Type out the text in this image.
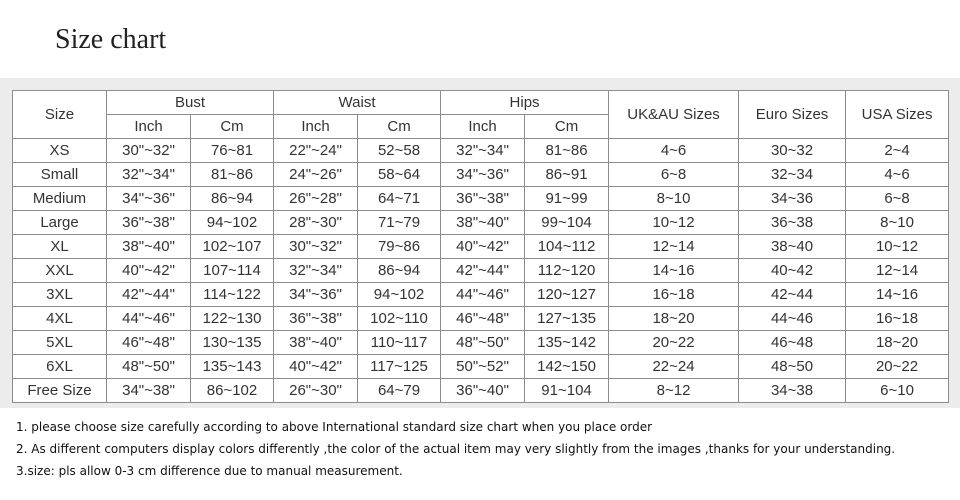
Size chart
Size	Bust		Waist		Hips		UK&AU Sizes	Euro Sizes	USA Sizes
	Inch	Cm	Inch	Cm	Inch	Cm			
XS	30"~32"	76~81	22"~24"	52~58	32"~34"	81~86	4~6	30~32	2~4
Small	32"~34"	81~86	24"~26"	58~64	34"~36"	86~91	6~8	32~34	4~6
Medium	34"~36"	86~94	26"~28"	64~71	36"~38"	91~99	8~10	34~36	6~8
Large	36"~38"	94~102	28"~30"	71~79	38"~40"	99~104	10~12	36~38	8~10
XL	38"~40"	102~107	30"~32"	79~86	40"~42"	104~112	12~14	38~40	10~12
XXL	40"~42"	107~114	32"~34"	86~94	42"~44"	112~120	14~16	40~42	12~14
3XL	42"~44"	114~122	34"~36"	94~102	44"~46"	120~127	16~18	42~44	14~16
4XL	44"~46"	122~130	36"~38"	102~110	46"~48"	127~135	18~20	44~46	16~18
5XL	46"~48"	130~135	38"~40"	110~117	48"~50"	135~142	20~22	46~48	18~20
6XL	48"~50"	135~143	40"~42"	117~125	50"~52"	142~150	22~24	48~50	20~22
Free Size	34"~38"	86~102	26"~30"	64~79	36"~40"	91~104	8~12	34~38	6~10
1. please choose size carefully according to above International standard size chart when you place order
2. As different computers display colors differently ,the color of the actual item may very slightly from the images ,thanks for your understanding.
3.size: pls allow 0-3 cm difference due to manual measurement.
